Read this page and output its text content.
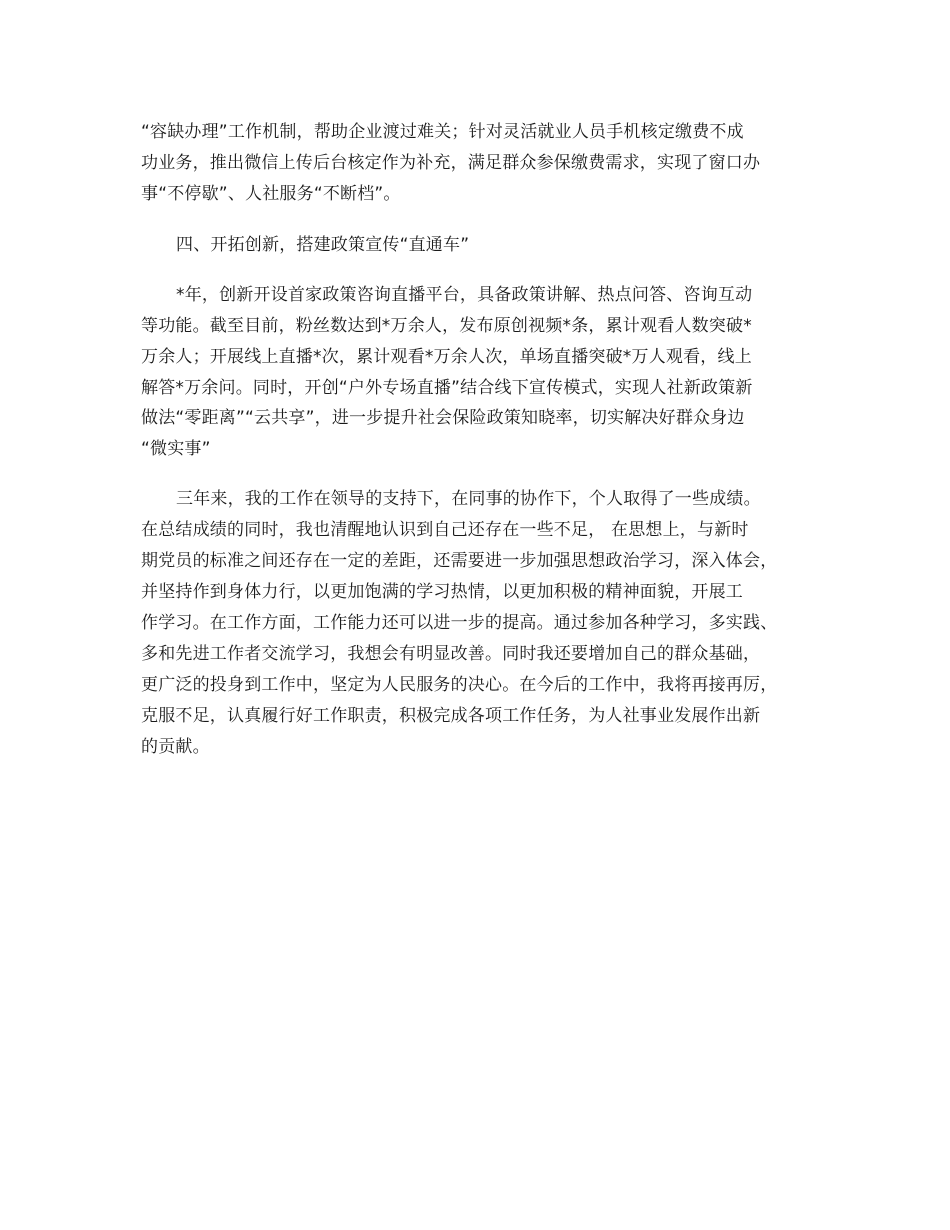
“容缺办理”工作机制，帮助企业渡过难关；针对灵活就业人员手机核定缴费不成
功业务，推出微信上传后台核定作为补充，满足群众参保缴费需求，实现了窗口办
事“不停歇”、人社服务“不断档”。
四、开拓创新，搭建政策宣传“直通车”
*年，创新开设首家政策咨询直播平台，具备政策讲解、热点问答、咨询互动
等功能。截至目前，粉丝数达到*万余人，发布原创视频*条，累计观看人数突破*
万余人；开展线上直播*次，累计观看*万余人次，单场直播突破*万人观看，线上
解答*万余问。同时，开创“户外专场直播”结合线下宣传模式，实现人社新政策新
做法“零距离”“云共享”，进一步提升社会保险政策知晓率，切实解决好群众身边
“微实事”
三年来，我的工作在领导的支持下，在同事的协作下，个人取得了一些成绩。
在总结成绩的同时，我也清醒地认识到自己还存在一些不足， 在思想上，与新时
期党员的标准之间还存在一定的差距，还需要进一步加强思想政治学习，深入体会，
并坚持作到身体力行，以更加饱满的学习热情，以更加积极的精神面貌，开展工
作学习。在工作方面，工作能力还可以进一步的提高。通过参加各种学习，多实践、
多和先进工作者交流学习，我想会有明显改善。同时我还要增加自己的群众基础，
更广泛的投身到工作中，坚定为人民服务的决心。在今后的工作中，我将再接再厉，
克服不足，认真履行好工作职责，积极完成各项工作任务，为人社事业发展作出新
的贡献。
